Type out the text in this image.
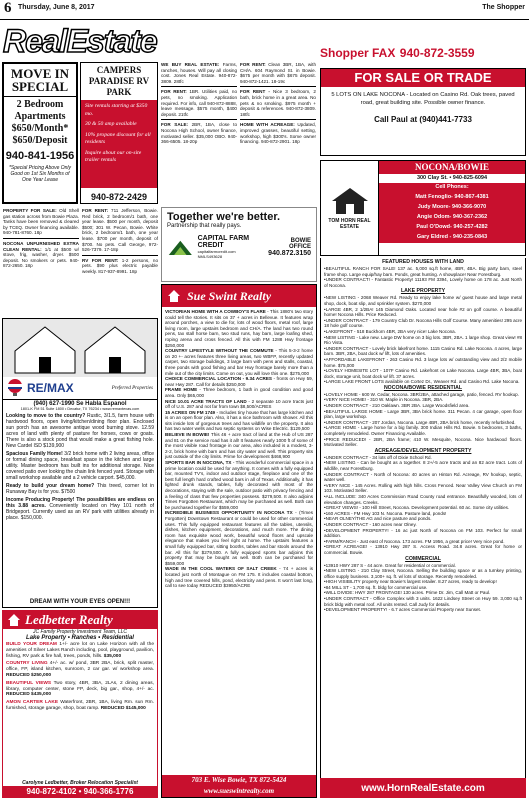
6 Thursday, June 8, 2017	The Shopper
RealEstate
MOVE IN SPECIAL
2 Bedroom
Apartments
$650/Month*
$650/Deposit
940-841-1956
*Special Pricing Above Only Good on 1st Six Months of One Year Lease
CAMPERS PARADISE RV PARK
Site rentals starting at $350 mo.
30 & 50 amp available
10% propane discount for all residents
Inquire about our on-site trailer rentals
940-872-2429
PROPERTY FOR SALE: Old Shell gas station across from Bowie Plaza. Tanks have been removed & cleared by TCEQ. Owner financing available. 940-781-8760. 18p
NOCONA UNFURNISHED EXTRA CLEAN RENTAL: 1/1 at $500 w/ stove, frig, washer, dryer. $500 deposit. No smokers or pets. 940-872-2650. 18p
FOR RENT: 711 Jefferson, Bowie. Red brick, 2 bedroom/1 bath, one year lease. $500 per month, deposit $500; 301 W. Pecan, Bowie. White brick, 2 bedroom/1 bath, one year lease. $700 per month, deposit of $700. No pets. Call George, 972-526-7379. 17-18p
RV FOR RENT: 1-2 persons, no pets. $90 plus electric payable weekly. 817-937-8991. 18p
WE BUY REAL ESTATE: Farms, ranches, houses. Will pay all closing cost. Jones Real Estate. 940-872-3809. 28tfc
FOR RENT: 1BR. Utilities paid, no pets, no smoking. Application required. For info, call 940-872-8888, leave message. $575 month, $400 deposit. 21tfc
FOR SALE: 2BR, 1BA, close to Nocona High School, owner finance, motivated seller. $35,000 OBO. 940-366-6505. 18-20p
FOR RENT: Clean 3BR, 1BA, with CH/A. 604 Raymond St. in Bowie. $675 per month with $675 deposit. 940-872-1421. 18-19c
FOR RENT - Nice 3 bedroom, 2 bath, brick home in a great area. No pets & no smoking. $975 month + deposit & references. 940-872-3809. 18tfc
HOME WITH ACREAGE: Updated, improved grasses, beautiful setting, workshop, high $300's. Some owner financing. 940-872-2901. 18p
Shopper FAX 940-872-3559
FOR SALE OR TRADE
5 LOTS ON LAKE NOCONA - Located on Casino Rd. Oak trees, paved road, great building site. Possible owner finance.
Call Paul at (940)441-7733
Together we're better.
Partnership that really pays.
CAPITAL FARM CREDIT
capitalfarmcredit.com
NMLS493628
BOWIE OFFICE
940.872.3150
Sue Swint Realty
VICTORIAN HOME WITH A COWBOY'S FLARE - This 1880's two story could tell the stories. It sits on 37 + acres in Bellevue. It features wrap around porches, a view to die for, lots of wood floors, metal roof, large living room, large upstairs bedroom and CH/A. The land has two round pens, tax stall horse barn, two stud runs, hay barn, large loafing shed, roping arena and cross fenced. All this with FM 1288 Hwy frontage $250,000
COUNTRY LIFESTYLE WITHOUT THE COMMUTE - This 5-3-2 home on 20 +- acres features three living areas, two WBFP, recently updated carpet, two storage buildings, 3 large barn with pens and stalls, coastal, three ponds with good fishing and bar Hwy frontage barely more than a mile out of the city limits. Come on out, you will love this one. $275,000
CHOICE COMMERCIAL LOCATION - 9.34 ACRES - fronts on Hwy 59, near Hwy 287. Call for details $250,000
FRAME HOME - Three bedroom, 1 bath in good condition and good area. Only $65,000
NICE 10.01 ACRE TRACTS OF LAND - 2 separate 10 acre tracts just off of U.S. 287 and not far from town $8,500/ACRES
15 ACRES ON FM 1749 - Includes tiny house that has large kitchen and is on an open floor plan. Also, it has a nice bathroom with shower. All this sits inside lots of gorgeous trees and has wildlife on the property. It also has two water wells and two septic systems on Wise Electric. $129,500
BELIEVE IN BOWIE! This 46 + acre tract of land at the Hub of US 287 and 81 on the service road has it all! It features nearly 1000 ft of some of the most visible road frontage in our area, also included is a modest, 3-2-2, brick home with barn and has city water and well. This property sits just outside of the city limits. Prime for development $468,900
SPORTS BAR IN NOCONA, TX - This wonderful commercial space in a prime location could be used for anything. It comes with a fully equipped bar, mounted TV's, indoor and outdoor stage, fireplace and one of the best full length hard crafted wood bars in all of Texas. Additionally, it has lighted drunk stands, tables, fully decorated with most of the decorations, staying with the sale, outdoor patio with privacy fencing and a feeling of class that few properties possess. $279,500. It also adjoins Times Forgotten Restaurant, which may be purchased as well. Both can be purchased together for $559,000
INCREDIBLE BUSINESS OPPORTUNITY IN NOCONA TX - (Times Forgotten) Downtown Restaurant or could be used for other commercial uses. This fully equipped restaurant features all the tables, utensils, dishes, kitchen equipment, decorations, and much more. The dining room has exquisite wood work, beautiful wood floors and upscale elegance that makes you feel right at home. The upstairs features a small fully equipped bar, sitting booths, tables and bar stools around the bar. All this for $279,500. A fully equipped sports bar adjoins this property that may be bought as well. Both can be purchased for $559,000
WADE IN THE COOL WATERS OF SALT CREEK - 74 + acres is located just north of Montague on FM 175. It includes coastal bottom, high and tree covered hills, pond, electricity and pens. It won't last long, call to see today REDUCED $3950/ACRE
703 E. Wise Bowie, TX 872-5424
www.sueswintrealty.com
RE/MAX	Preferred Properties
(940) 627-1990 Se Habla Espanol
1801-K FM 51 Suite 1800 • Decatur, TX 76234 • www.remaxtexas.com
Looking to move to the country? Rustic, 3/1.5, farm house with hardwood floors, open living/kitchen/dining floor plan. Enclosed sun porch has an awesome antique wood burning stove. 12.59 acres of land with plenty of pasture for horses, cows or goats. There is also a stock pond that would make a great fishing hole. New Cardel ISD $139,900
Spacious Family Home! 3/2 brick home with 2 living areas, office or formal dining space, breakfast space in the kitchen and large utility. Master bedroom has built ins for additional storage. Nice covered patio over looking the chain link fenced yard. Storage with small workshop available and a 2 vehicle carport. $45,000.
Ready to build your dream home? This treed, corner lot in Runaway Bay is for you. $7500
Income Producing Property! The possibilities are endless on this 3.88 acres. Conveniently located on Hwy 101 north of Bridgeport. Currently used as an RV park with utilities already in place. $150,000.
DREAM WITH YOUR EYES OPEN!!!
Ledbetter Realty
JC Family Property Investment Team, LLC
Lake Property • Ranches • Residential
BUILD YOUR DREAM 1+/- acre lot on Lake Horizon with all the amenities of Silver Lakes Ranch including, pool, playground, pavilion, fishing, RV park & fire hall, trees, ponds, hills. $35,000
COUNTRY LIVING 4+/- ac. w/ pond, 3BR 2BA, brick, split master, office, FP, island kitchen, sunroom, 2 car gar. w/ workshop area. REDUCED $250,000
BEAUTIFUL VIEWS Two story, 4BR, 3BA, 2LAs, 2 dining areas, library, computer center, stone FP, deck, big gar., shop, 4+/- ac. REDUCED $435,000
AMON CARTER LAKE Waterfront, 2BR, 1BA, living Rm. sun Rm. furnished, storage garage, shop, boat ramp. REDUCED $145,000
Carolyne Ledbetter, Broker Relocation Specialist
940-872-4102 • 940-366-1776
TOM HORN REAL ESTATE
NOCONA/BOWIE
300 Clay St. • 940-825-6094
Cell Phones:
Matt Fenoglio- 940-867-4381
Judy Moore- 940-366-9070
Angie Odom- 940-367-2362
Paul O'Dowd- 940-257-4282
Gary Eldred - 940-235-0843
FEATURED HOUSES WITH LAND
•BEAUTIFUL RANCH FOR SALE! 137 ac. 5,000 sq.ft home, 4BR, 4BA. Big party barn, steel frame shop. Large equip/hay barn. Ponds, great hunting. A showplace! Near Forestburg.
•UNDER CONTRACT! - Fantastic Property! 11193 FM 3394, Lovely home on 178 ac. Just North of Nocona.
LAKE PROPERTY
•NEW LISTING - 2068 Weaver Rd. Ready to enjoy lake home w/ guest house and large metal shop, dock, boat slip, and sprinkler system. $270,000
•LARGE 4BR, 2 1/2BA! 145 Diamond Oaks. Located near hole #2 on golf course. A beautiful home! Nocona Hills. Price Reduced.
•UNDER CONTRACT - 179 Country Club Dr. Nocona Hills Golf Course. Many amenities! 295 acre 18 hole golf course.
•LAKEFRONT - 518 Buckhorn 4BR, 2BA very nice! Lake Nocona.
•NEW LISTING - Lake new. Large DW home on 3 big lots. 3BR, 2BA. 1 large shop. Great view! #8 Rio Vista.
•UNDER CONTRACT - Lovely brick lakefront home. 1115 Casino Rd. Lake Nocona. 4 acres, large barn. 3BR, 2BA, boat dock w/ lift, lots of amenities.
•AFFORDABLE LAKEFRONT - 263 Casino Rd. 3 large lots w/ outstanding view and 2/2 mobile home. $75,000
•LOVELY HOMESITE LOT - 107F Casino Rd. Lakefront on Lake Nocona. Large 4BR, 3BA, boat dock, storage unit, boat dock w/ lift. 37 acres.
•LARGE LAKE FRONT LOTS available on Cortez Dr., Weaver Rd. and Casino Rd. Lake Nocona.
NOCONA/BOWIE RESIDENTIAL
•LOVELY HOME - 600 W. Cedar, Nocona. 3BR/2BA, attached garage, patio, fenced. RV hookup.
•VERY NICE HOME! - 310 W. Maple in Nocona. 3BR, 2BA.
•UNDER CONTRACT - 210 Oaklawn. 3BR 2BA. Large Woodsfield area.
•BEAUTIFUL LARGE HOME - Large 3BR, 3BA brick home. 311 Pecan. 4 car garage, open floor plan, large workshop.
•UNDER CONTRACT - 207 Jordan, Nocona. Large 4BR, 2BA brick home, recently refurbished.
•LARGE HOME - Large home for a big family. 300 Indian Hills Rd. Bowie. 5 bedrooms, 3 baths, completely remodeled. Owner Financing Available.
•PRICE REDUCED! - 2BR, 2BA frame; 410 W. Mesquite, Nocona. Nice hardwood floors. Motivated Seller.
ACREAGE/DEVELOPMENT PROPERTY
•UNDER CONTRACT - 34 lots off of Dixie School Rd.
•NEW LISTING - Can be bought as a together. 8 2+/-5 acre tracts and an 82 acre tract. Lots of wildlife, near Forestburg.
•UNDER CONTRACT - North of Nocona: 40 acres on Hinton Rd. Acreage, RV hookup, septic, water well.
•VERY NICE - 145 Acres. Rolling with high hills. Cross Fenced. Near Valley View Church on FM 103. Motivated Seller.
•ALL INCLUDE: 340 Acres Commission Road County road entrance. Beautifully wooded, lots of elevation changes. Creeks.
•GREAT VIEWS! - 100 Hill Street, Nocona. Development potential. 60 ac. Some city utilities.
•160 ACRES - FM Hwy 103 N. Nocona. Pasture land, ponds!
•NEAR OLNEY/THE AG and nice pasture and ponds.
•UNDER CONTRACT - 160 acres near Olney.
•DEVELOPMENT PROPERTY! - 16 ac just North of Nocona on FM 103. Perfect for small addition.
•FARM/RANCH - Just east of Nocona. 173 acres. FM 1956, a great price! Very nice pond.
•GREAT ACREAGE! - 13910 Hwy 287 S. Access Road. 34.8 acres. Great for home or commercial. Bowie.
COMMERCIAL
•13910 HWY 287 S - 44 acre. Great for residential or commercial.
•NEW LISTING - 210 Clay Street, Nocona. Selling the building space or as a turnkey printing, office supply business. 3,100+ sq. ft. w/ lots of storage. Recently remodeled.
•HIGH VISIBILITY property near Bowie's largest retailer. 8.27 acres, ready to develop!
•84 MILL ST - 1,700 sq. ft. bldg for commercial use.
•WILL DIVIDE: HWY 287 FRONTAGE! 130 acres. Prime Dr. Jim, Call Matt or Paul.
•UNDER CONTRACT - Office Complex with 3 units. 1622 Lindsey Street on Hwy 59. 3,000 sq.ft brick bldg with metal roof. All units rented. Call Judy for details.
•DEVELOPMENT PROPERTY! - 6.7 acres Commercial Property near Sunset.
www.HornRealEstate.com
